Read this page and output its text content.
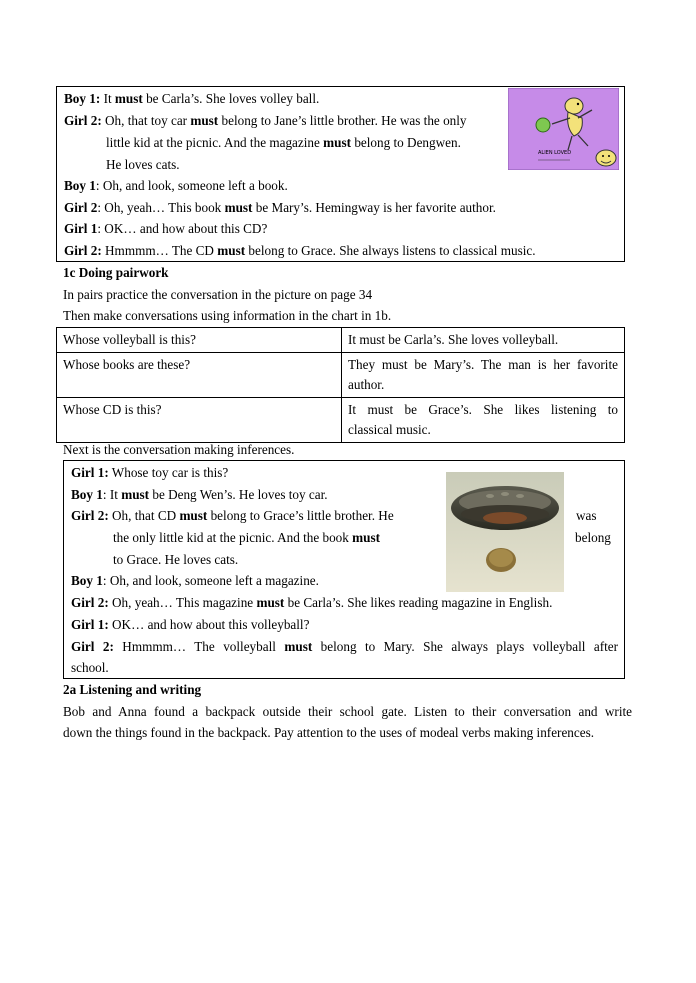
Boy 1: It must be Carla’s. She loves volley ball.
Girl 2: Oh, that toy car must belong to Jane’s little brother. He was the only
little kid at the picnic. And the magazine must belong to Dengwen.
He loves cats.
Boy 1: Oh, and look, someone left a book.
Girl 2: Oh, yeah… This book must be Mary’s. Hemingway is her favorite author.
Girl 1: OK… and how about this CD?
Girl 2: Hmmmm… The CD must belong to Grace. She always listens to classical music.
ALIEN LOVED
1c Doing pairwork
In pairs practice the conversation in the picture on page 34
Then make conversations using information in the chart in 1b.
Whose volleyball is this?	It must be Carla’s. She loves volleyball.
Whose books are these?	They must be Mary’s. The man is her favorite
author.

Whose CD is this?	It must be Grace’s. She likes listening to
classical music.
Next is the conversation making inferences.
Girl 1: Whose toy car is this?
Boy 1: It must be Deng Wen’s. He loves toy car.
Girl 2: Oh, that CD must belong to Grace’s little brother. He	was
the only little kid at the picnic. And the book must	belong
to Grace. He loves cats.
Boy 1: Oh, and look, someone left a magazine.
Girl 2: Oh, yeah… This magazine must be Carla’s. She likes reading magazine in English.
Girl 1: OK… and how about this volleyball?
Girl 2: Hmmmm… The volleyball must belong to Mary. She always plays volleyball after
school.
2a Listening and writing
Bob and Anna found a backpack outside their school gate. Listen to their conversation and write
down the things found in the backpack. Pay attention to the uses of modeal verbs making inferences.
